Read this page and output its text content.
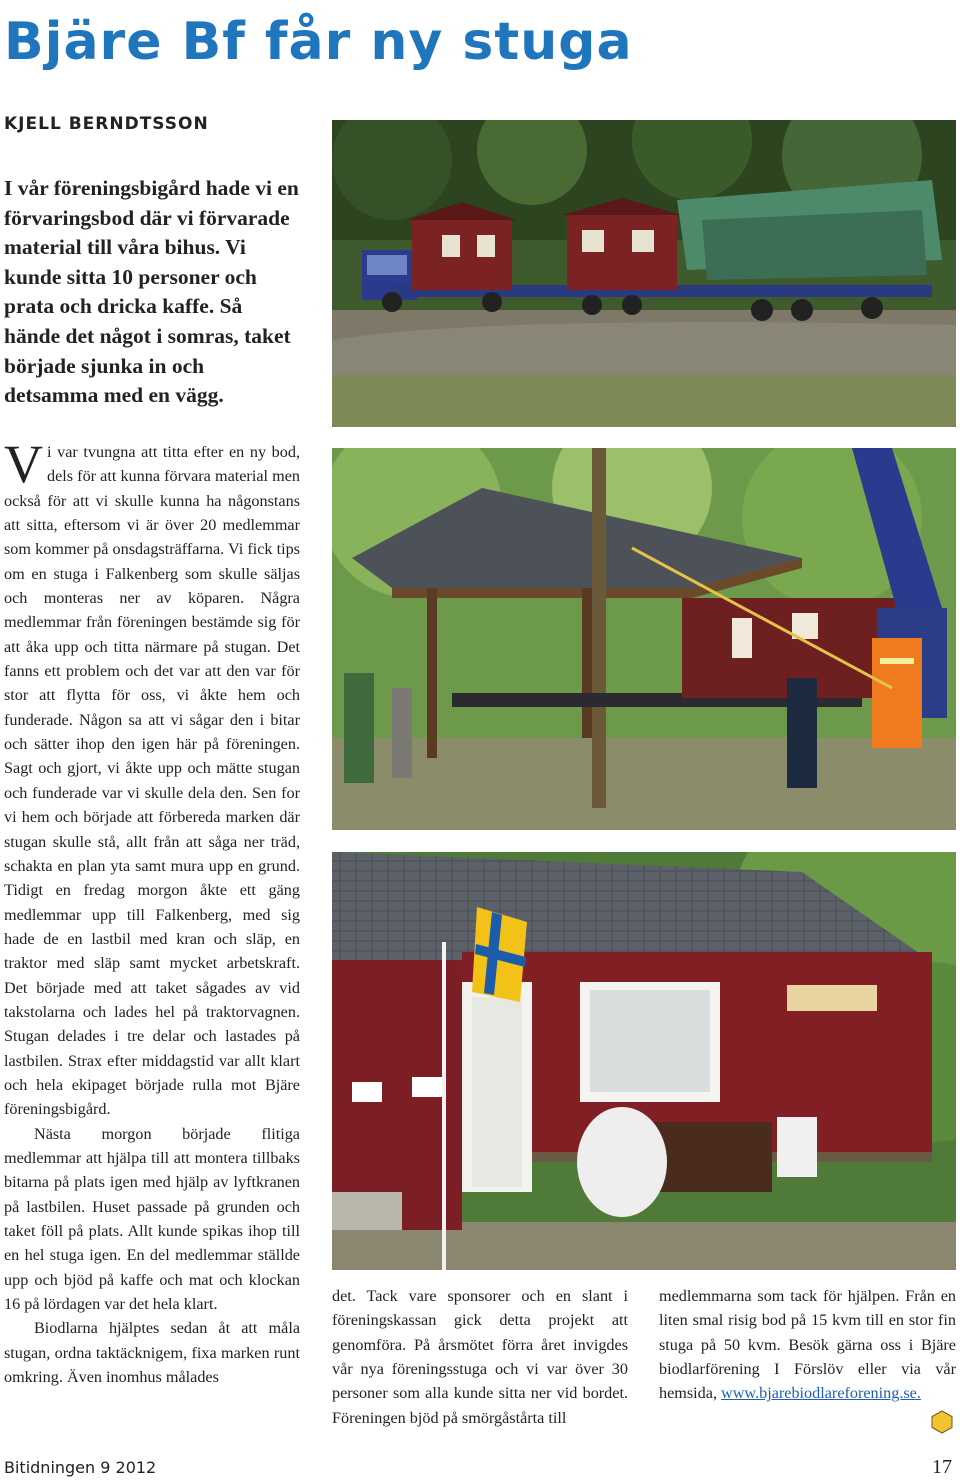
Bjäre Bf får ny stuga
KJELL BERNDTSSON

I vår föreningsbigård hade vi en förvaringsbod där vi förvarade material till våra bihus. Vi kunde sitta 10 personer och prata och dricka kaffe. Så hände det något i somras, taket började sjunka in och detsamma med en vägg.

Vi var tvungna att titta efter en ny bod, dels för att kunna förvara material men också för att vi skulle kunna ha någonstans att sitta, eftersom vi är över 20 medlemmar som kommer på onsdagsträffarna. Vi fick tips om en stuga i Falkenberg som skulle säljas och monteras ner av köparen. Några medlemmar från föreningen bestämde sig för att åka upp och titta närmare på stugan. Det fanns ett problem och det var att den var för stor att flytta för oss, vi åkte hem och funderade. Någon sa att vi sågar den i bitar och sätter ihop den igen här på föreningen. Sagt och gjort, vi åkte upp och mätte stugan och funderade var vi skulle dela den. Sen for vi hem och började att förbereda marken där stugan skulle stå, allt från att såga ner träd, schakta en plan yta samt mura upp en grund. Tidigt en fredag morgon åkte ett gäng medlemmar upp till Falkenberg, med sig hade de en lastbil med kran och släp, en traktor med släp samt mycket arbetskraft. Det började med att taket sågades av vid takstolarna och lades hel på traktorvagnen. Stugan delades i tre delar och lastades på lastbilen. Strax efter middagstid var allt klart och hela ekipaget började rulla mot Bjäre föreningsbigård.

Nästa morgon började flitiga medlemmar att hjälpa till att montera tillbaks bitarna på plats igen med hjälp av lyftkranen på lastbilen. Huset passade på grunden och taket föll på plats. Allt kunde spikas ihop till en hel stuga igen. En del medlemmar ställde upp och bjöd på kaffe och mat och klockan 16 på lördagen var det hela klart.

Biodlarna hjälptes sedan åt att måla stugan, ordna taktäcknigem, fixa marken runt omkring. Även inomhus målades

det. Tack vare sponsorer och en slant i föreningskassan gick detta projekt att genomföra. På årsmötet förra året invigdes vår nya föreningsstuga och vi var över 30 personer som alla kunde sitta ner vid bordet. Föreningen bjöd på smörgåstårta till

medlemmarna som tack för hjälpen. Från en liten smal risig bod på 15 kvm till en stor fin stuga på 50 kvm. Besök gärna oss i Bjäre biodlarförening I Förslöv eller via vår hemsida, www.bjarebiodlareforening.se.

Bitidningen 9 2012	17
